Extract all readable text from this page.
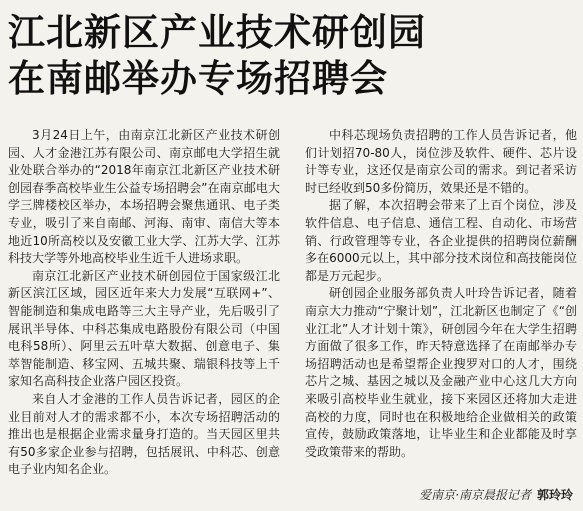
江北新区产业技术研创园
在南邮举办专场招聘会

3月24日上午，由南京江北新区产业技术研创园、人才金港江苏有限公司、南京邮电大学招生就业处联合举办的“2018年南京江北新区产业技术研创园春季高校毕业生公益专场招聘会”在南京邮电大学三牌楼校区举办，本场招聘会聚焦通讯、电子类专业，吸引了来自南邮、河海、南审、南信大等本地近10所高校以及安徽工业大学、江苏大学、江苏科技大学等外地高校毕业生近千人进场求职。

南京江北新区产业技术研创园位于国家级江北新区滨江区域，园区近年来大力发展“互联网+”、智能制造和集成电路等三大主导产业，先后吸引了展讯半导体、中科芯集成电路股份有限公司（中国电科58所）、阿里云五叶草大数据、创意电子、集萃智能制造、移宝网、五城共聚、瑞银科技等上千家知名高科技企业落户园区投资。

来自人才金港的工作人员告诉记者，园区的企业目前对人才的需求都不小，本次专场招聘活动的推出也是根据企业需求量身打造的。当天园区里共有50多家企业参与招聘，包括展讯、中科芯、创意电子业内知名企业。

中科芯现场负责招聘的工作人员告诉记者，他们计划招70-80人，岗位涉及软件、硬件、芯片设计等专业，这还仅是南京公司的需求。到记者采访时已经收到50多份简历，效果还是不错的。

据了解，本次招聘会带来了上百个岗位，涉及软件信息、电子信息、通信工程、自动化、市场营销、行政管理等专业，各企业提供的招聘岗位薪酬多在6000元以上，其中部分技术岗位和高技能岗位都是万元起步。

研创园企业服务部负责人叶玲告诉记者，随着南京大力推动“宁聚计划”，江北新区也制定了《“创业江北”人才计划十策》，研创园今年在大学生招聘方面做了很多工作，昨天特意选择了在南邮举办专场招聘活动也是希望帮企业搜罗对口的人才，围绕芯片之城、基因之城以及金融产业中心这几大方向来吸引高校毕业生就业，接下来园区还将加大走进高校的力度，同时也在积极地给企业做相关的政策宣传，鼓励政策落地，让毕业生和企业都能及时享受政策带来的帮助。

爱南京·南京晨报记者 郭玲玲
